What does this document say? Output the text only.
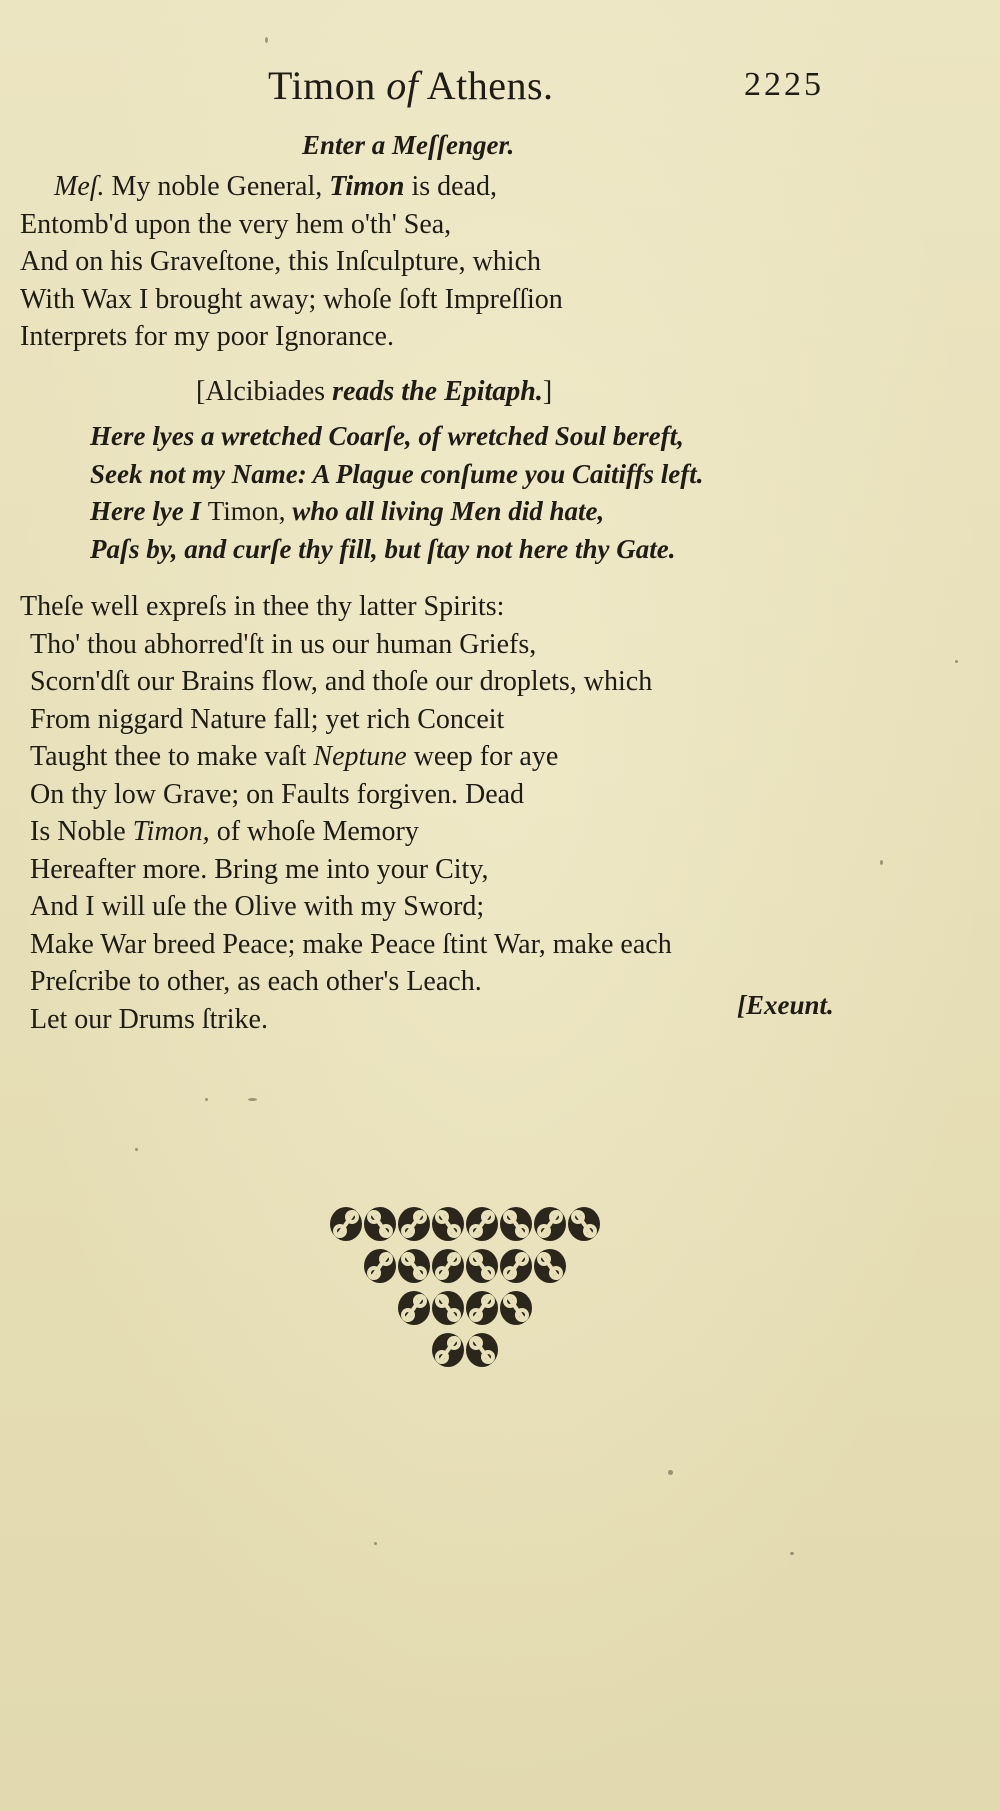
Timon of Athens.	2225
Enter a Meſſenger.
Meſ. My noble General, Timon is dead,
Entomb'd upon the very hem o'th' Sea,
And on his Graveſtone, this Inſculpture, which
With Wax I brought away; whoſe ſoft Impreſſion
Interprets for my poor Ignorance.
[Alcibiades reads the Epitaph.]
Here lyes a wretched Coarſe, of wretched Soul bereft,
Seek not my Name: A Plague conſume you Caitiffs left.
Here lye I Timon, who all living Men did hate,
Paſs by, and curſe thy fill, but ſtay not here thy Gate.
Theſe well expreſs in thee thy latter Spirits:
Tho' thou abhorred'ſt in us our human Griefs,
Scorn'dſt our Brains flow, and thoſe our droplets, which
From niggard Nature fall; yet rich Conceit
Taught thee to make vaſt Neptune weep for aye
On thy low Grave; on Faults forgiven. Dead
Is Noble Timon, of whoſe Memory
Hereafter more. Bring me into your City,
And I will uſe the Olive with my Sword;
Make War breed Peace; make Peace ſtint War, make each
Preſcribe to other, as each other's Leach.
Let our Drums ſtrike.	[Exeunt.
